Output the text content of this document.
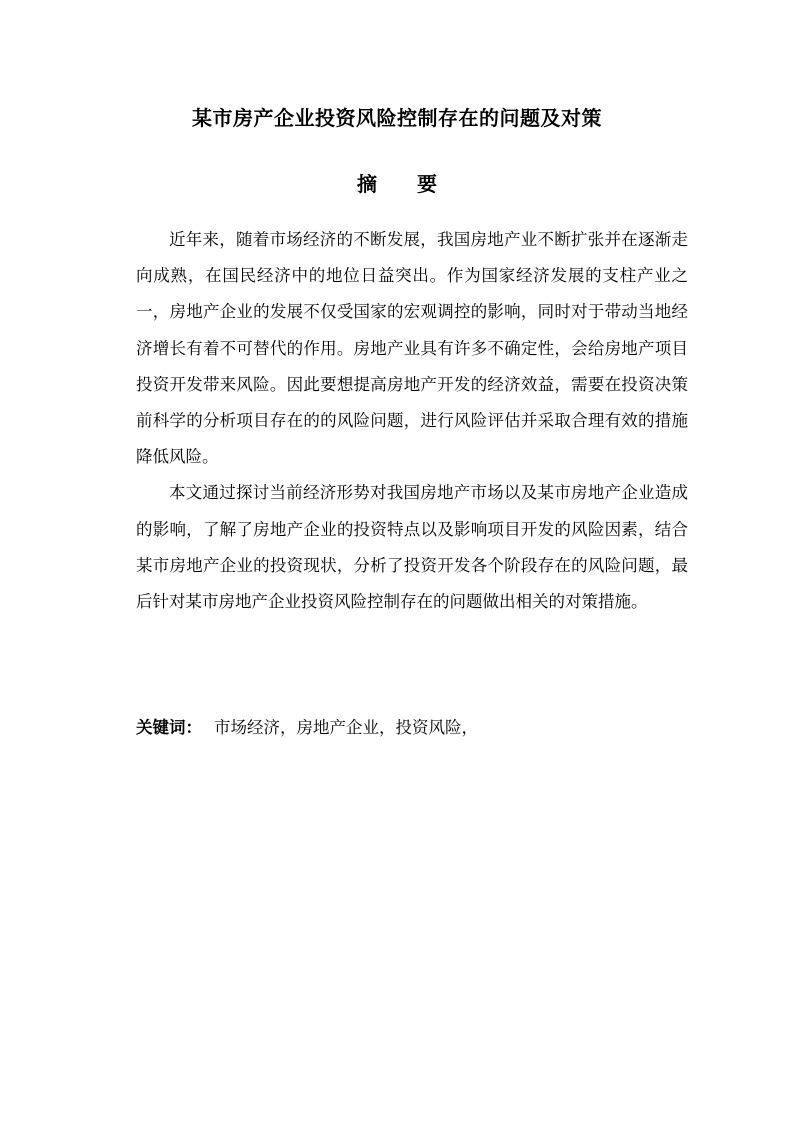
某市房产企业投资风险控制存在的问题及对策
摘要

近年来，随着市场经济的不断发展，我国房地产业不断扩张并在逐渐走向成熟，在国民经济中的地位日益突出。作为国家经济发展的支柱产业之一，房地产企业的发展不仅受国家的宏观调控的影响，同时对于带动当地经济增长有着不可替代的作用。房地产业具有许多不确定性，会给房地产项目投资开发带来风险。因此要想提高房地产开发的经济效益，需要在投资决策前科学的分析项目存在的的风险问题，进行风险评估并采取合理有效的措施降低风险。

本文通过探讨当前经济形势对我国房地产市场以及某市房地产企业造成的影响，了解了房地产企业的投资特点以及影响项目开发的风险因素，结合某市房地产企业的投资现状，分析了投资开发各个阶段存在的风险问题，最后针对某市房地产企业投资风险控制存在的问题做出相关的对策措施。

关键词： 市场经济，房地产企业，投资风险，
